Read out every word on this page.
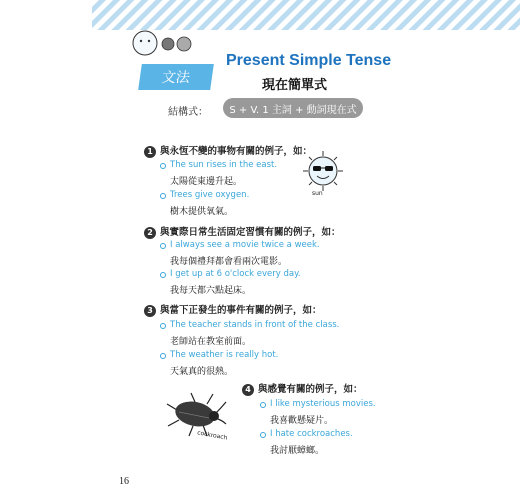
文法
Present Simple Tense
現在簡單式
結構式：	S + V. 1 主詞 + 動詞現在式
1 與永恆不變的事物有關的例子，如：
The sun rises in the east.
太陽從東邊升起。
Trees give oxygen.
樹木提供氧氣。
sun
2 與實際日常生活固定習慣有關的例子，如：
I always see a movie twice a week.
我每個禮拜都會看兩次電影。
I get up at 6 o'clock every day.
我每天都六點起床。
3 與當下正發生的事件有關的例子，如：
The teacher stands in front of the class.
老師站在教室前面。
The weather is really hot.
天氣真的很熱。
4 與感覺有關的例子，如：
I like mysterious movies.
我喜歡懸疑片。
I hate cockroaches.
我討厭蟑螂。
cockroach
16
